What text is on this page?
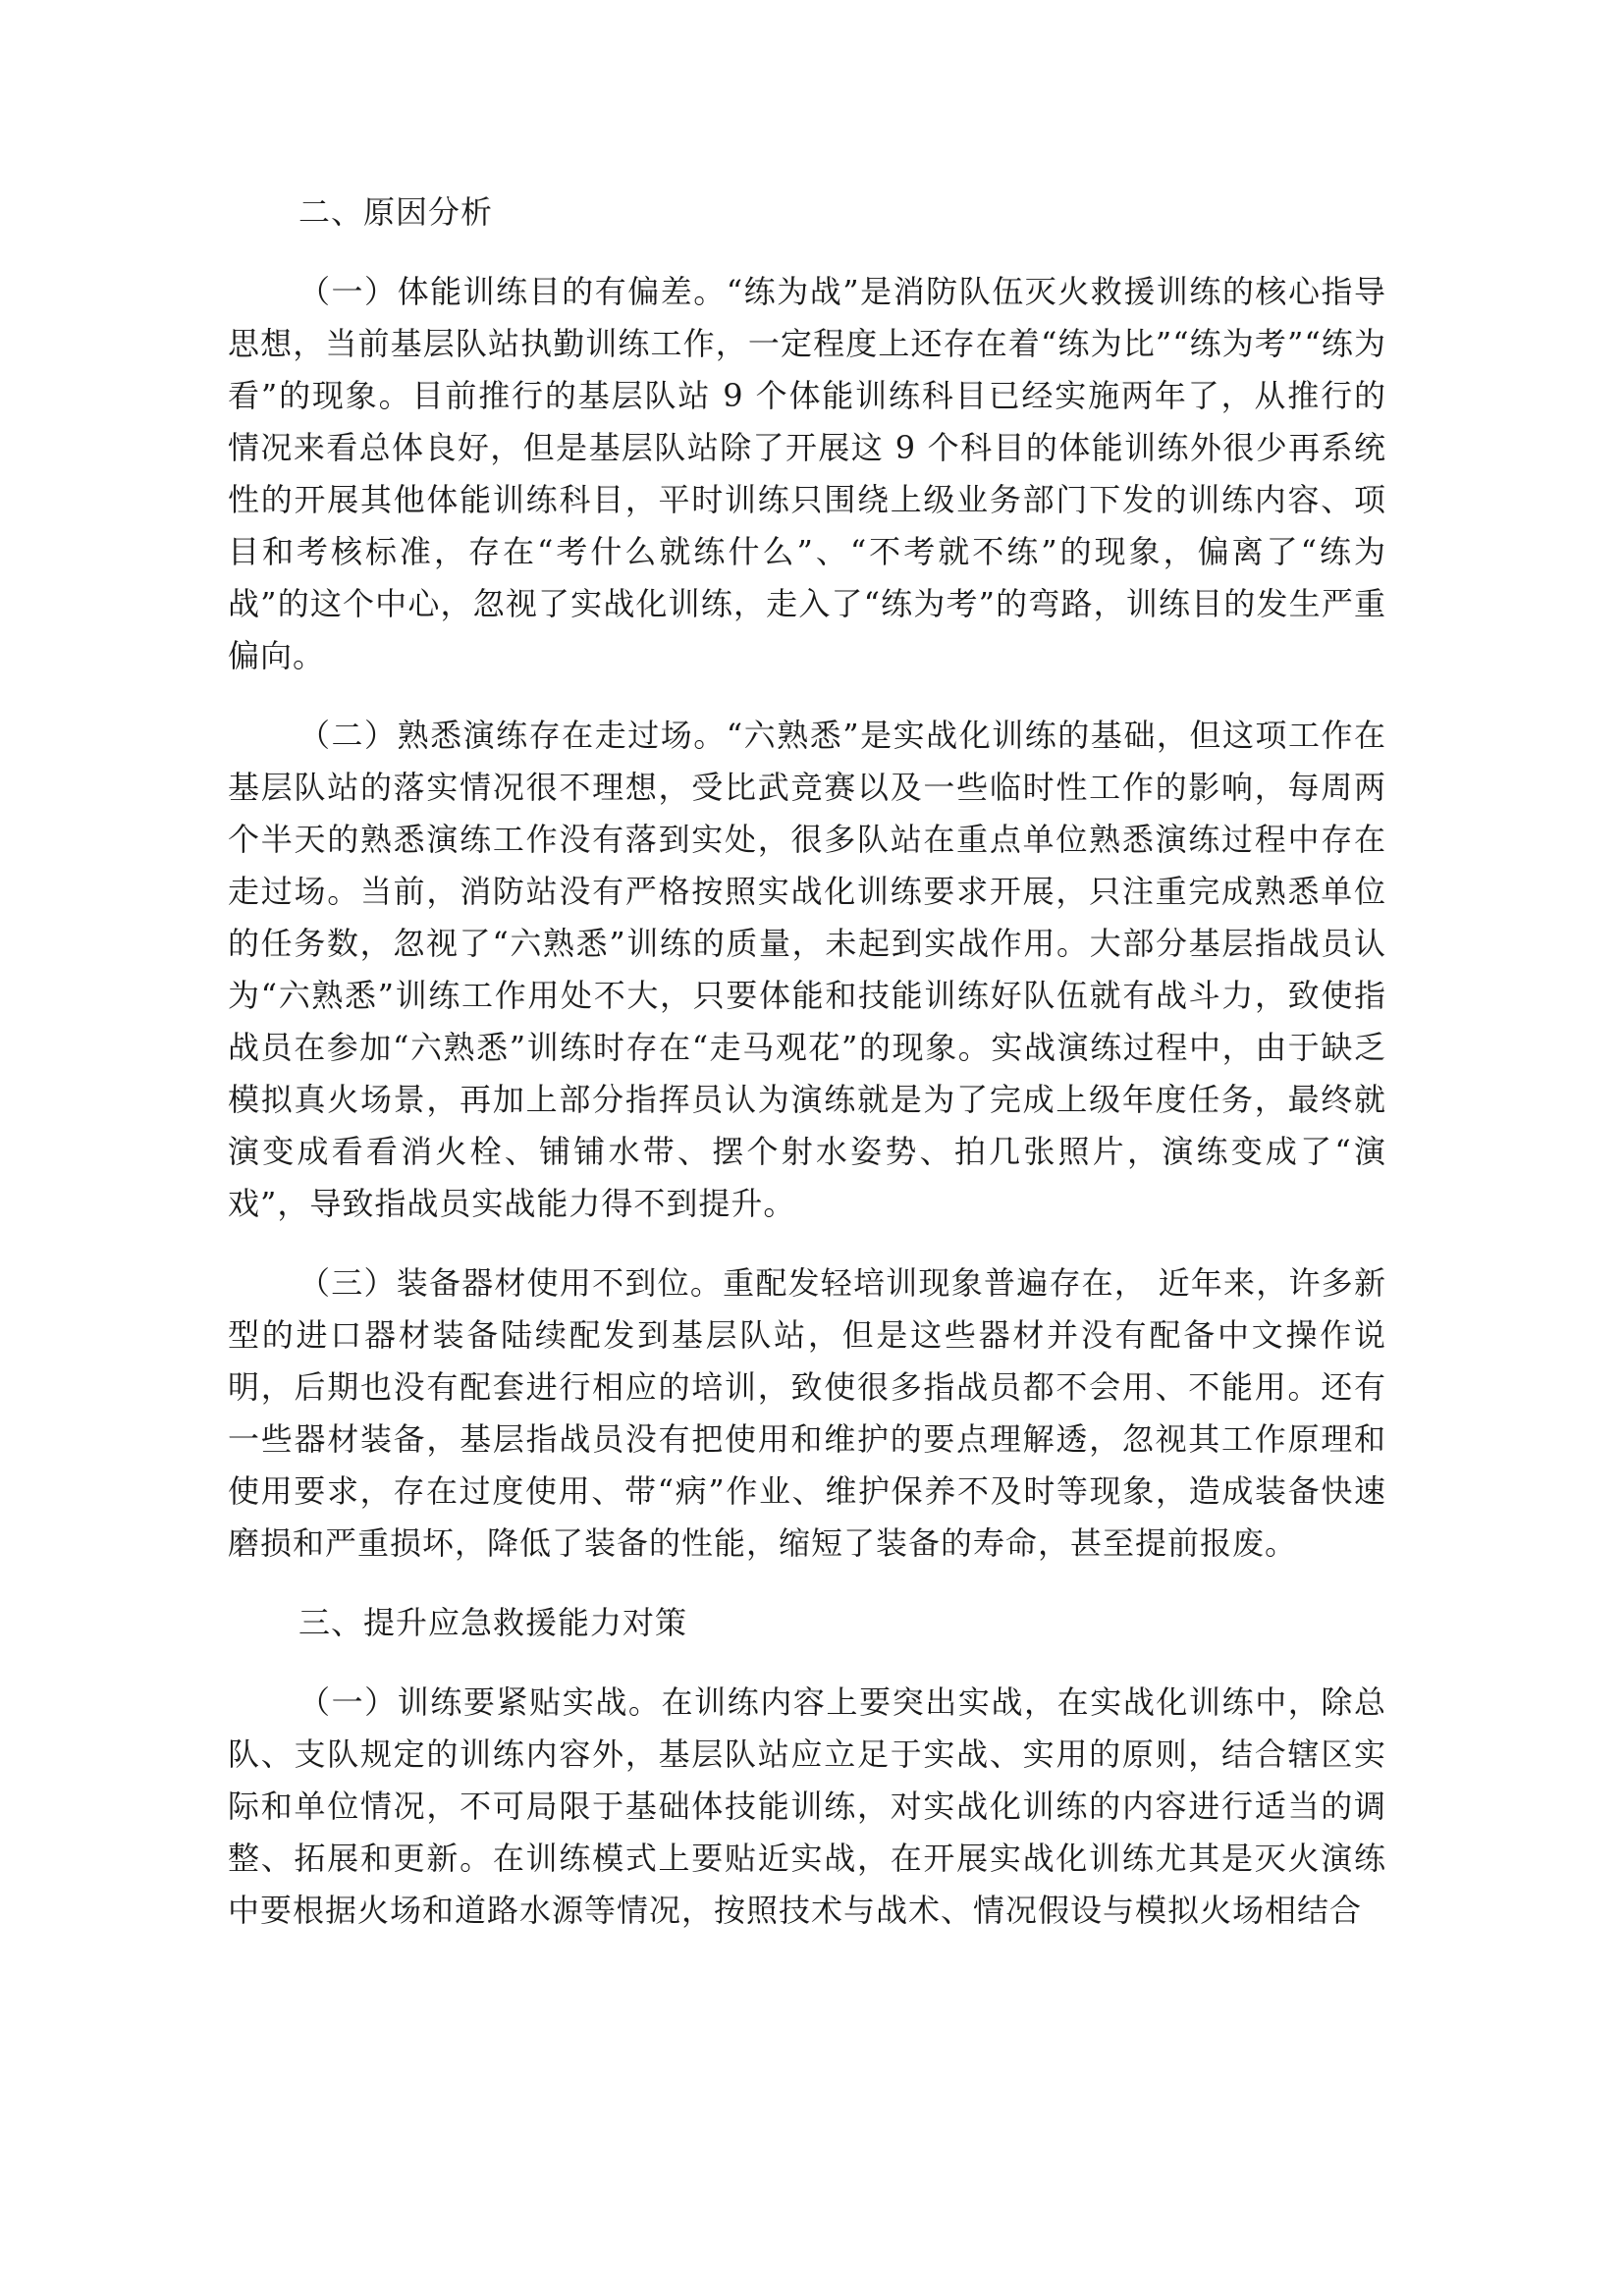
二、原因分析

（一）体能训练目的有偏差。“练为战”是消防队伍灭火救援训练的核心指导思想，当前基层队站执勤训练工作，一定程度上还存在着“练为比”“练为考”“练为看”的现象。目前推行的基层队站 9 个体能训练科目已经实施两年了，从推行的情况来看总体良好，但是基层队站除了开展这 9 个科目的体能训练外很少再系统性的开展其他体能训练科目，平时训练只围绕上级业务部门下发的训练内容、项目和考核标准，存在“考什么就练什么”、“不考就不练”的现象，偏离了“练为战”的这个中心，忽视了实战化训练，走入了“练为考”的弯路，训练目的发生严重偏向。

（二）熟悉演练存在走过场。“六熟悉”是实战化训练的基础，但这项工作在基层队站的落实情况很不理想，受比武竞赛以及一些临时性工作的影响，每周两个半天的熟悉演练工作没有落到实处，很多队站在重点单位熟悉演练过程中存在走过场。当前，消防站没有严格按照实战化训练要求开展，只注重完成熟悉单位的任务数，忽视了“六熟悉”训练的质量，未起到实战作用。大部分基层指战员认为“六熟悉”训练工作用处不大，只要体能和技能训练好队伍就有战斗力，致使指战员在参加“六熟悉”训练时存在“走马观花”的现象。实战演练过程中，由于缺乏模拟真火场景，再加上部分指挥员认为演练就是为了完成上级年度任务，最终就演变成看看消火栓、铺铺水带、摆个射水姿势、拍几张照片，演练变成了“演戏”，导致指战员实战能力得不到提升。

（三）装备器材使用不到位。重配发轻培训现象普遍存在， 近年来，许多新型的进口器材装备陆续配发到基层队站，但是这些器材并没有配备中文操作说明，后期也没有配套进行相应的培训，致使很多指战员都不会用、不能用。还有一些器材装备，基层指战员没有把使用和维护的要点理解透，忽视其工作原理和使用要求，存在过度使用、带“病”作业、维护保养不及时等现象，造成装备快速磨损和严重损坏，降低了装备的性能，缩短了装备的寿命，甚至提前报废。

三、提升应急救援能力对策

（一）训练要紧贴实战。在训练内容上要突出实战，在实战化训练中，除总队、支队规定的训练内容外，基层队站应立足于实战、实用的原则，结合辖区实际和单位情况，不可局限于基础体技能训练，对实战化训练的内容进行适当的调整、拓展和更新。在训练模式上要贴近实战，在开展实战化训练尤其是灭火演练中要根据火场和道路水源等情况，按照技术与战术、情况假设与模拟火场相结合
